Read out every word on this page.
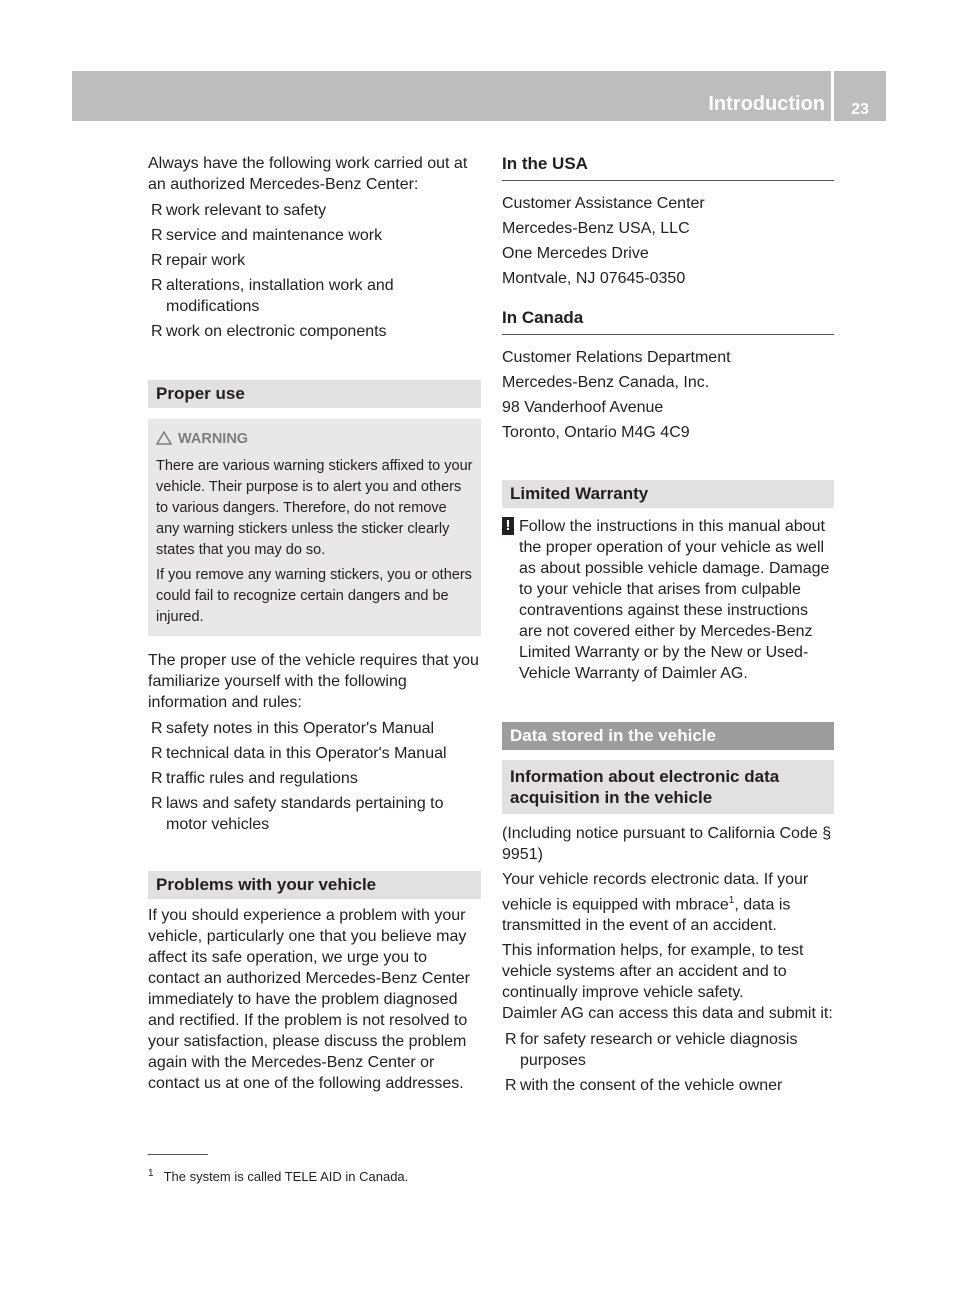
Introduction	23

Always have the following work carried out at an authorized Mercedes-Benz Center:

R work relevant to safety
R service and maintenance work
R repair work
R alterations, installation work and modifications
R work on electronic components
Proper use
WARNING

There are various warning stickers affixed to your vehicle. Their purpose is to alert you and others to various dangers. Therefore, do not remove any warning stickers unless the sticker clearly states that you may do so.

If you remove any warning stickers, you or others could fail to recognize certain dangers and be injured.

The proper use of the vehicle requires that you familiarize yourself with the following information and rules:

R safety notes in this Operator's Manual
R technical data in this Operator's Manual
R traffic rules and regulations
R laws and safety standards pertaining to motor vehicles
Problems with your vehicle

If you should experience a problem with your vehicle, particularly one that you believe may affect its safe operation, we urge you to contact an authorized Mercedes-Benz Center immediately to have the problem diagnosed and rectified. If the problem is not resolved to your satisfaction, please discuss the problem again with the Mercedes-Benz Center or contact us at one of the following addresses.

In the USA

Customer Assistance Center

Mercedes-Benz USA, LLC

One Mercedes Drive

Montvale, NJ 07645-0350

In Canada

Customer Relations Department

Mercedes-Benz Canada, Inc.

98 Vanderhoof Avenue

Toronto, Ontario M4G 4C9

Limited Warranty
! Follow the instructions in this manual about the proper operation of your vehicle as well as about possible vehicle damage. Damage to your vehicle that arises from culpable contraventions against these instructions are not covered either by Mercedes-Benz Limited Warranty or by the New or Used-Vehicle Warranty of Daimler AG.
Data stored in the vehicle
Information about electronic data acquisition in the vehicle

(Including notice pursuant to California Code § 9951)

Your vehicle records electronic data. If your vehicle is equipped with mbrace$^1$, data is transmitted in the event of an accident.

This information helps, for example, to test vehicle systems after an accident and to continually improve vehicle safety.

Daimler AG can access this data and submit it:

R for safety research or vehicle diagnosis purposes
R with the consent of the vehicle owner
$^1$ The system is called TELE AID in Canada.
